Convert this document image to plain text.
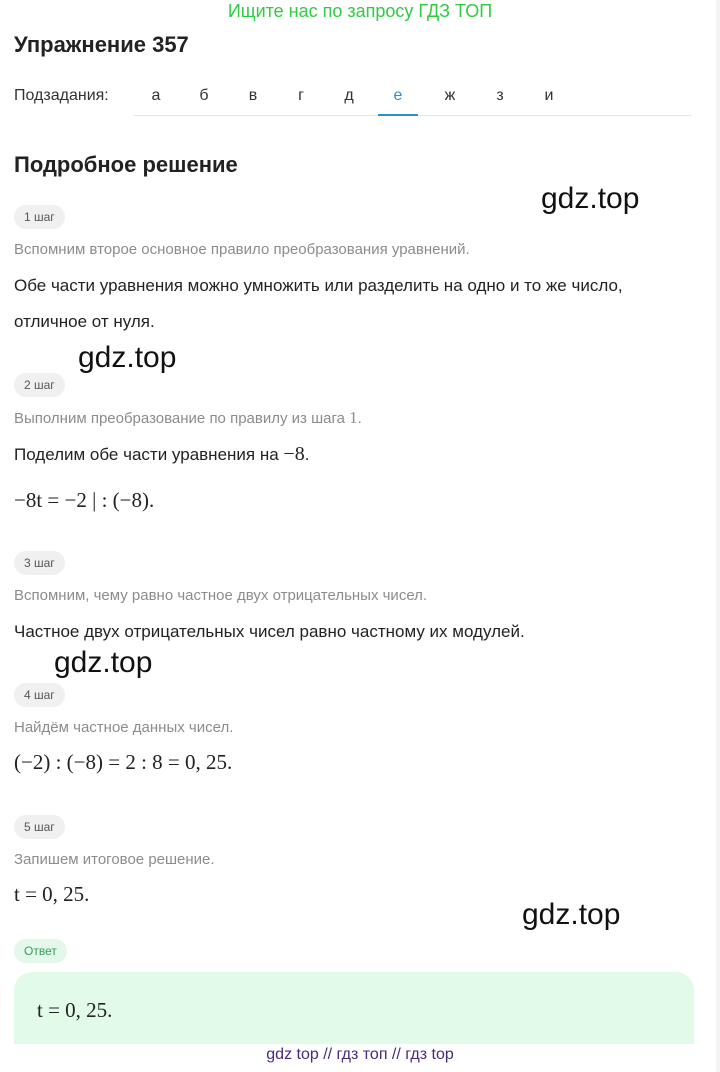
Ищите нас по запросу ГДЗ ТОП
Упражнение 357
Подзадания:	а	б	в	г	д	е	ж	з	и
Подробное решение
gdz.top
1 шаг
Вспомним второе основное правило преобразования уравнений.
Обе части уравнения можно умножить или разделить на одно и то же число,
отличное от нуля.
gdz.top
2 шаг
Выполним преобразование по правилу из шага 1.
Поделим обе части уравнения на −8.
−8t = −2 | : (−8).
3 шаг
Вспомним, чему равно частное двух отрицательных чисел.
Частное двух отрицательных чисел равно частному их модулей.
gdz.top
4 шаг
Найдём частное данных чисел.
(−2) : (−8) = 2 : 8 = 0, 25.
5 шаг
Запишем итоговое решение.
t = 0, 25.
gdz.top
Ответ
t = 0, 25.
gdz top // гдз топ // гдз top
